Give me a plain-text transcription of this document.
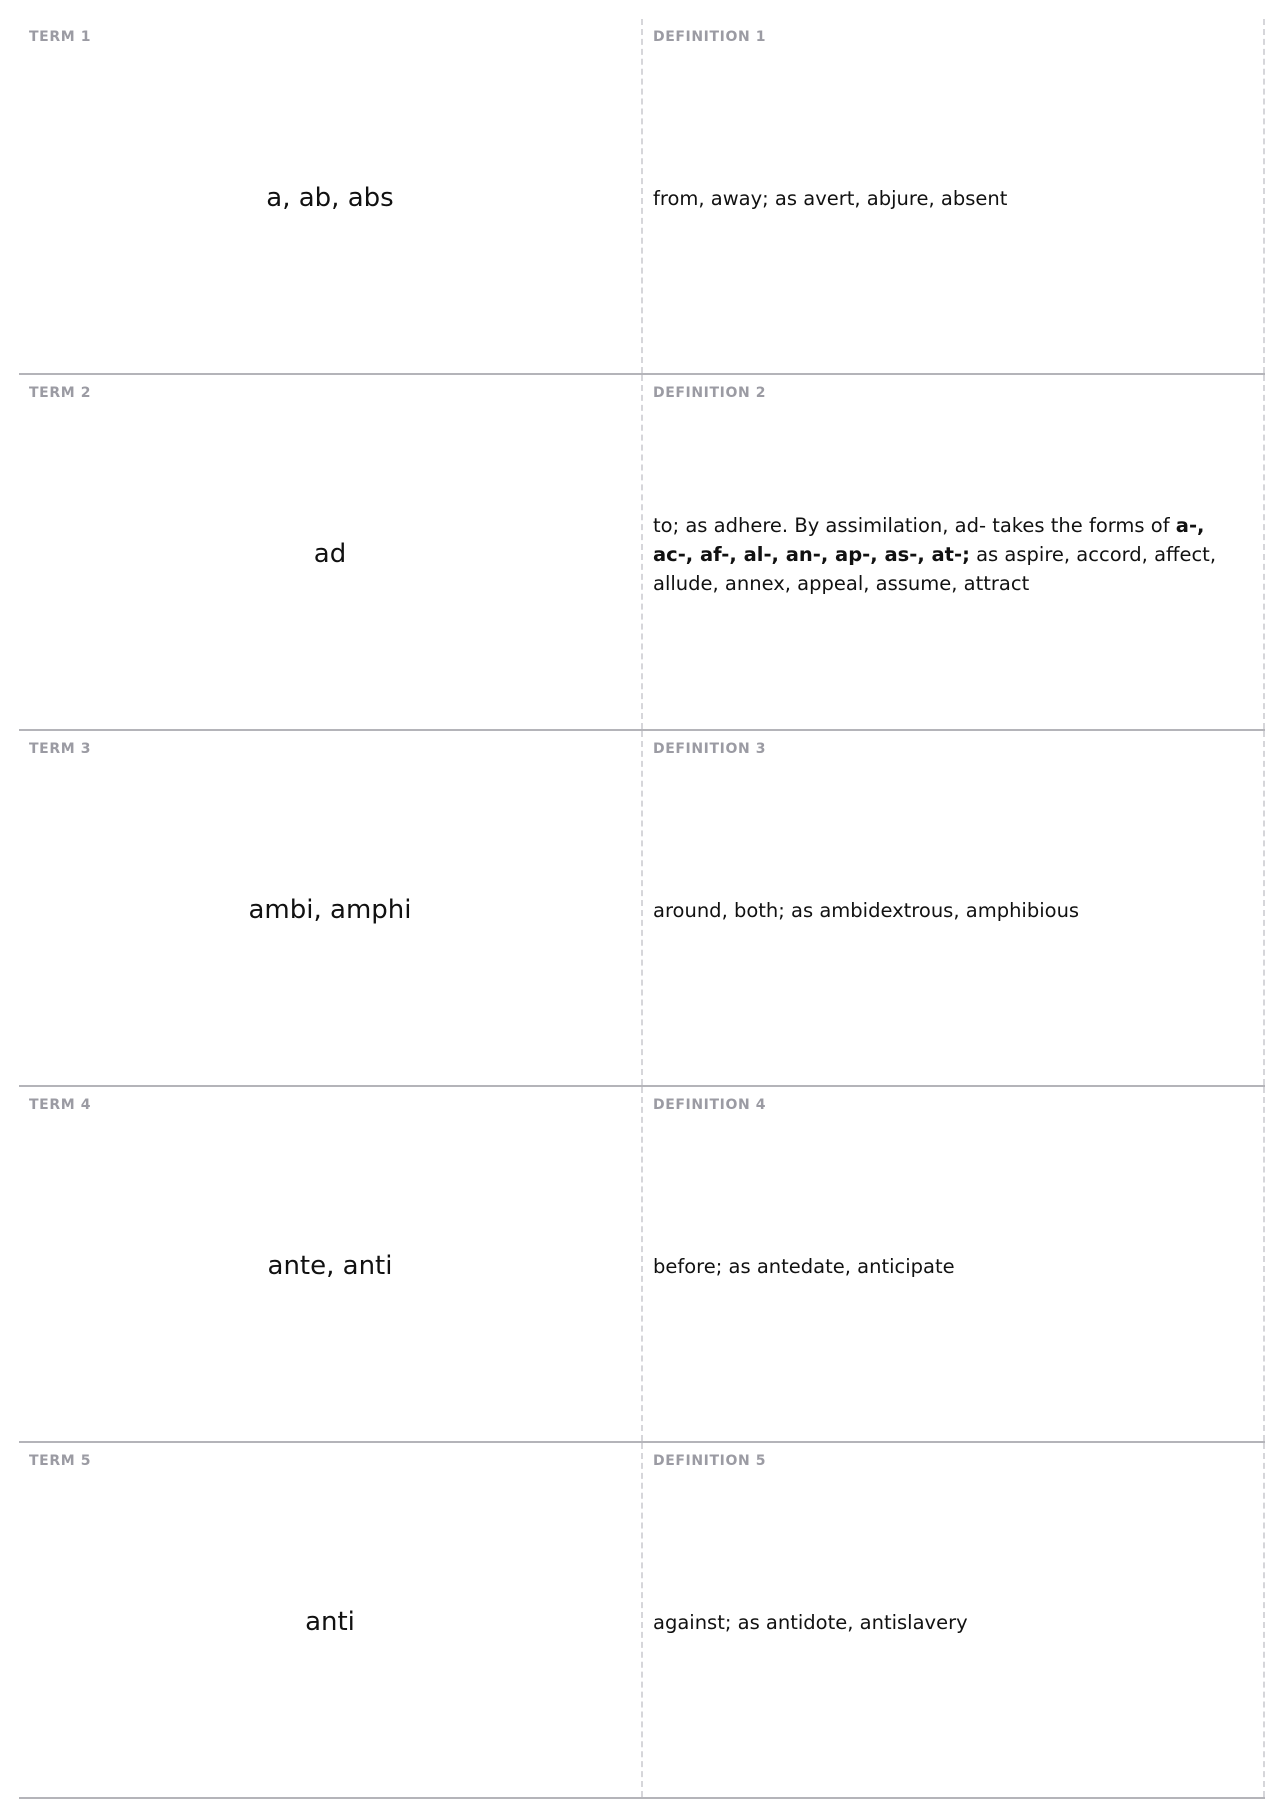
TERM 1
a, ab, abs
DEFINITION 1
from, away; as avert, abjure, absent
TERM 2
ad
DEFINITION 2
to; as adhere. By assimilation, ad- takes the forms of a-, ac-, af-, al-, an-, ap-, as-, at-; as aspire, accord, affect, allude, annex, appeal, assume, attract
TERM 3
ambi, amphi
DEFINITION 3
around, both; as ambidextrous, amphibious
TERM 4
ante, anti
DEFINITION 4
before; as antedate, anticipate
TERM 5
anti
DEFINITION 5
against; as antidote, antislavery
